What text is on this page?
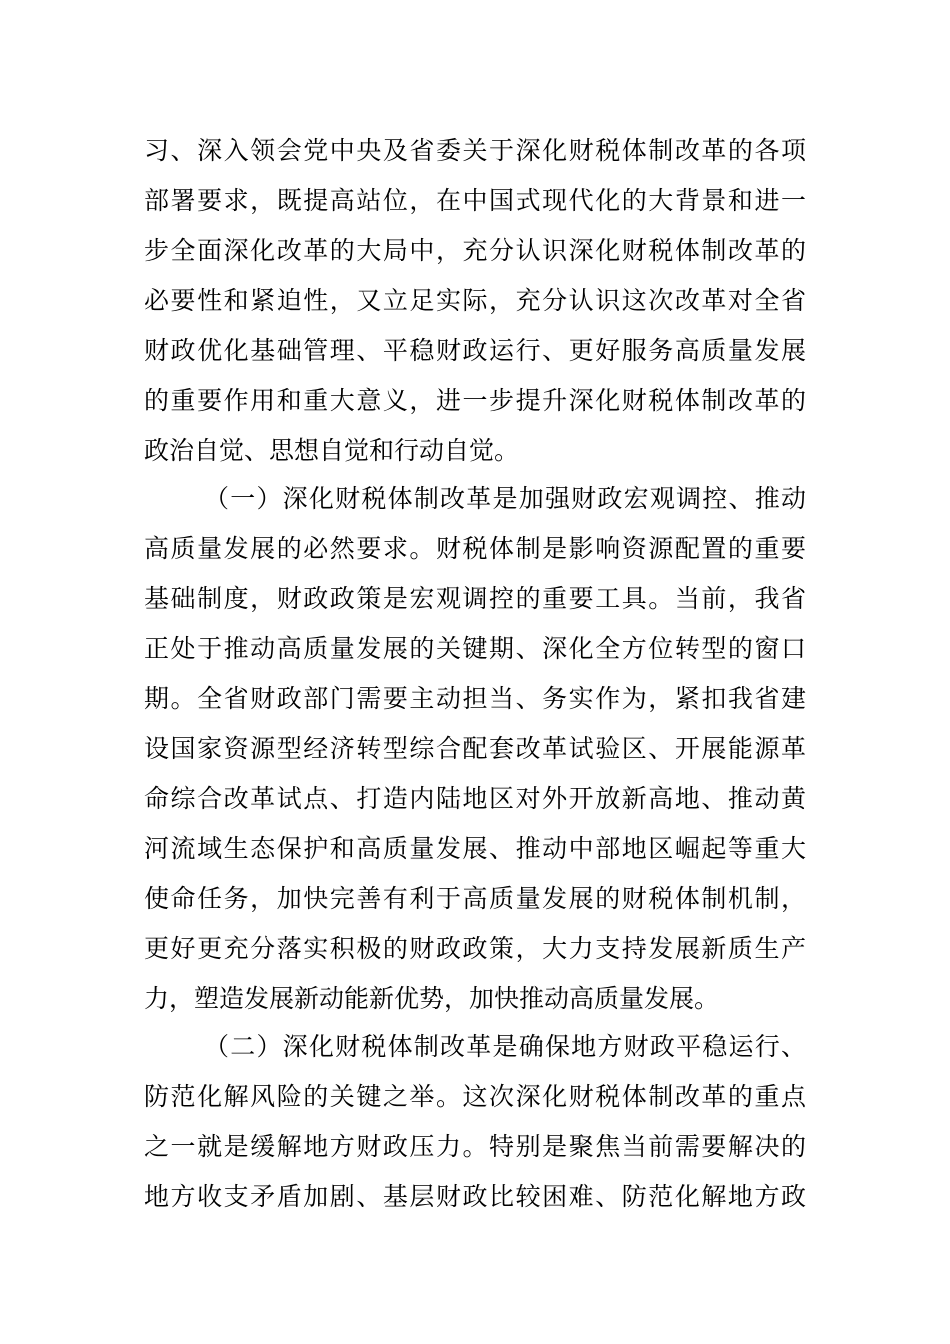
习、深入领会党中央及省委关于深化财税体制改革的各项
部署要求，既提高站位，在中国式现代化的大背景和进一
步全面深化改革的大局中，充分认识深化财税体制改革的
必要性和紧迫性，又立足实际，充分认识这次改革对全省
财政优化基础管理、平稳财政运行、更好服务高质量发展
的重要作用和重大意义，进一步提升深化财税体制改革的
政治自觉、思想自觉和行动自觉。
（一）深化财税体制改革是加强财政宏观调控、推动
高质量发展的必然要求。财税体制是影响资源配置的重要
基础制度，财政政策是宏观调控的重要工具。当前，我省
正处于推动高质量发展的关键期、深化全方位转型的窗口
期。全省财政部门需要主动担当、务实作为，紧扣我省建
设国家资源型经济转型综合配套改革试验区、开展能源革
命综合改革试点、打造内陆地区对外开放新高地、推动黄
河流域生态保护和高质量发展、推动中部地区崛起等重大
使命任务，加快完善有利于高质量发展的财税体制机制，
更好更充分落实积极的财政政策，大力支持发展新质生产
力，塑造发展新动能新优势，加快推动高质量发展。
（二）深化财税体制改革是确保地方财政平稳运行、
防范化解风险的关键之举。这次深化财税体制改革的重点
之一就是缓解地方财政压力。特别是聚焦当前需要解决的
地方收支矛盾加剧、基层财政比较困难、防范化解地方政
